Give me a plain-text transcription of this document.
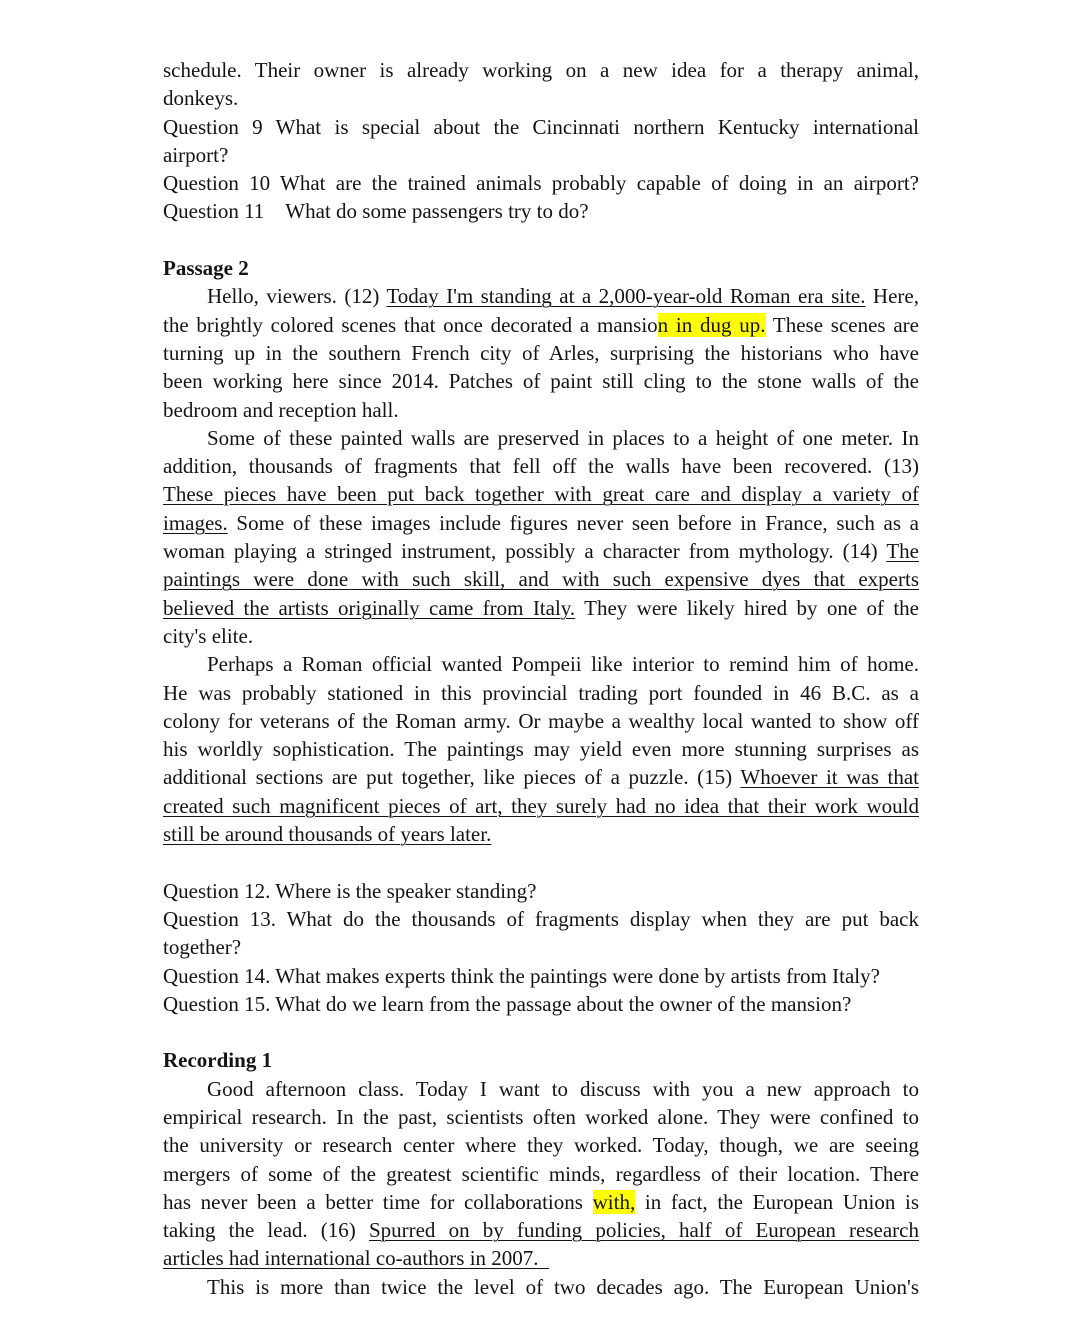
schedule. Their owner is already working on a new idea for a therapy animal,
donkeys.
Question 9 What is special about the Cincinnati northern Kentucky international
airport?
Question 10 What are the trained animals probably capable of doing in an airport?
Question 11    What do some passengers try to do?
Passage 2
Hello, viewers. (12) Today I'm standing at a 2,000-year-old Roman era site. Here,
the brightly colored scenes that once decorated a mansion in dug up. These scenes are
turning up in the southern French city of Arles, surprising the historians who have
been working here since 2014. Patches of paint still cling to the stone walls of the
bedroom and reception hall.
Some of these painted walls are preserved in places to a height of one meter. In
addition, thousands of fragments that fell off the walls have been recovered. (13)
These pieces have been put back together with great care and display a variety of
images. Some of these images include figures never seen before in France, such as a
woman playing a stringed instrument, possibly a character from mythology. (14) The
paintings were done with such skill, and with such expensive dyes that experts
believed the artists originally came from Italy. They were likely hired by one of the
city's elite.
Perhaps a Roman official wanted Pompeii like interior to remind him of home.
He was probably stationed in this provincial trading port founded in 46 B.C. as a
colony for veterans of the Roman army. Or maybe a wealthy local wanted to show off
his worldly sophistication. The paintings may yield even more stunning surprises as
additional sections are put together, like pieces of a puzzle. (15) Whoever it was that
created such magnificent pieces of art, they surely had no idea that their work would
still be around thousands of years later.
Question 12. Where is the speaker standing?
Question 13. What do the thousands of fragments display when they are put back
together?
Question 14. What makes experts think the paintings were done by artists from Italy?
Question 15. What do we learn from the passage about the owner of the mansion?
Recording 1
Good afternoon class. Today I want to discuss with you a new approach to
empirical research. In the past, scientists often worked alone. They were confined to
the university or research center where they worked. Today, though, we are seeing
mergers of some of the greatest scientific minds, regardless of their location. There
has never been a better time for collaborations with, in fact, the European Union is
taking the lead. (16) Spurred on by funding policies, half of European research
articles had international co-authors in 2007.
This is more than twice the level of two decades ago. The European Union's
